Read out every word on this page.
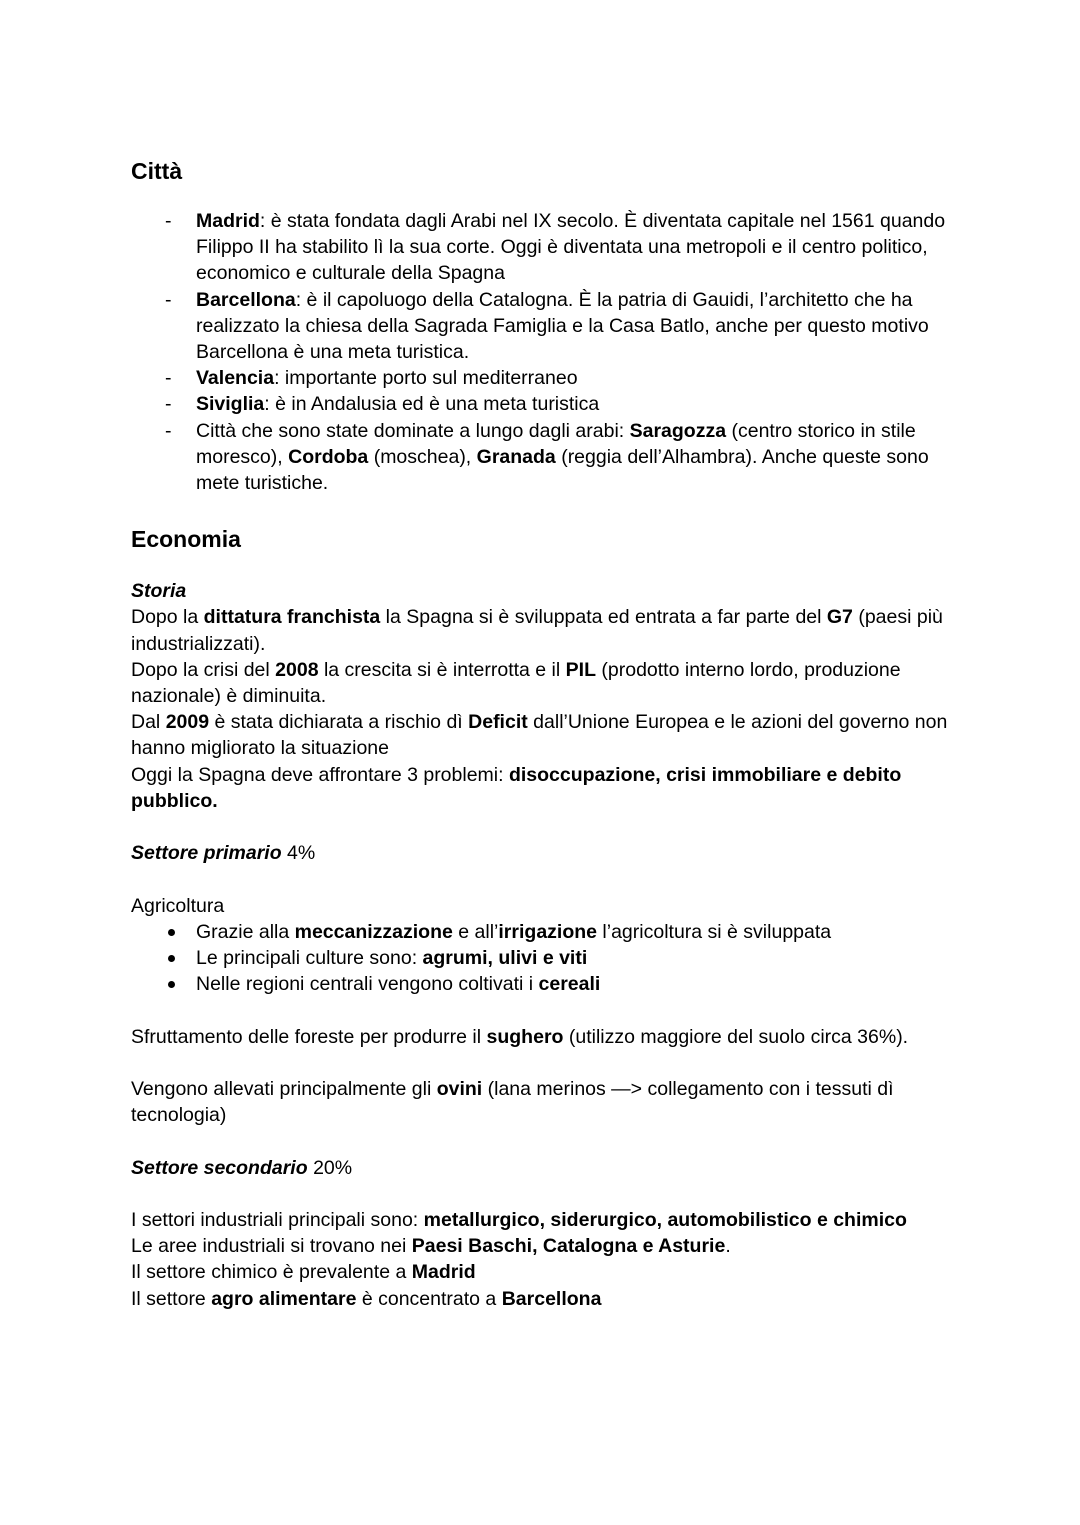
Città
- Madrid: è stata fondata dagli Arabi nel IX secolo. È diventata capitale nel 1561 quando Filippo II ha stabilito lì la sua corte. Oggi è diventata una metropoli e il centro politico, economico e culturale della Spagna
- Barcellona: è il capoluogo della Catalogna. È la patria di Gauidi, l’architetto che ha realizzato la chiesa della Sagrada Famiglia e la Casa Batlo, anche per questo motivo Barcellona è una meta turistica.
- Valencia: importante porto sul mediterraneo
- Siviglia: è in Andalusia ed è una meta turistica
- Città che sono state dominate a lungo dagli arabi: Saragozza (centro storico in stile moresco), Cordoba (moschea), Granada (reggia dell’Alhambra). Anche queste sono mete turistiche.
Economia

Storia

Dopo la dittatura franchista la Spagna si è sviluppata ed entrata a far parte del G7 (paesi più industrializzati).

Dopo la crisi del 2008 la crescita si è interrotta e il PIL (prodotto interno lordo, produzione nazionale) è diminuita.

Dal 2009 è stata dichiarata a rischio dì Deficit dall’Unione Europea e le azioni del governo non hanno migliorato la situazione

Oggi la Spagna deve affrontare 3 problemi: disoccupazione, crisi immobiliare e debito pubblico.

Settore primario 4%

Agricoltura

Grazie alla meccanizzazione e all’irrigazione l’agricoltura si è sviluppata
Le principali culture sono: agrumi, ulivi e viti
Nelle regioni centrali vengono coltivati i cereali

Sfruttamento delle foreste per produrre il sughero (utilizzo maggiore del suolo circa 36%).

Vengono allevati principalmente gli ovini (lana merinos —> collegamento con i tessuti dì tecnologia)

Settore secondario 20%

I settori industriali principali sono: metallurgico, siderurgico, automobilistico e chimico

Le aree industriali si trovano nei Paesi Baschi, Catalogna e Asturie.

Il settore chimico è prevalente a Madrid

Il settore agro alimentare è concentrato a Barcellona
